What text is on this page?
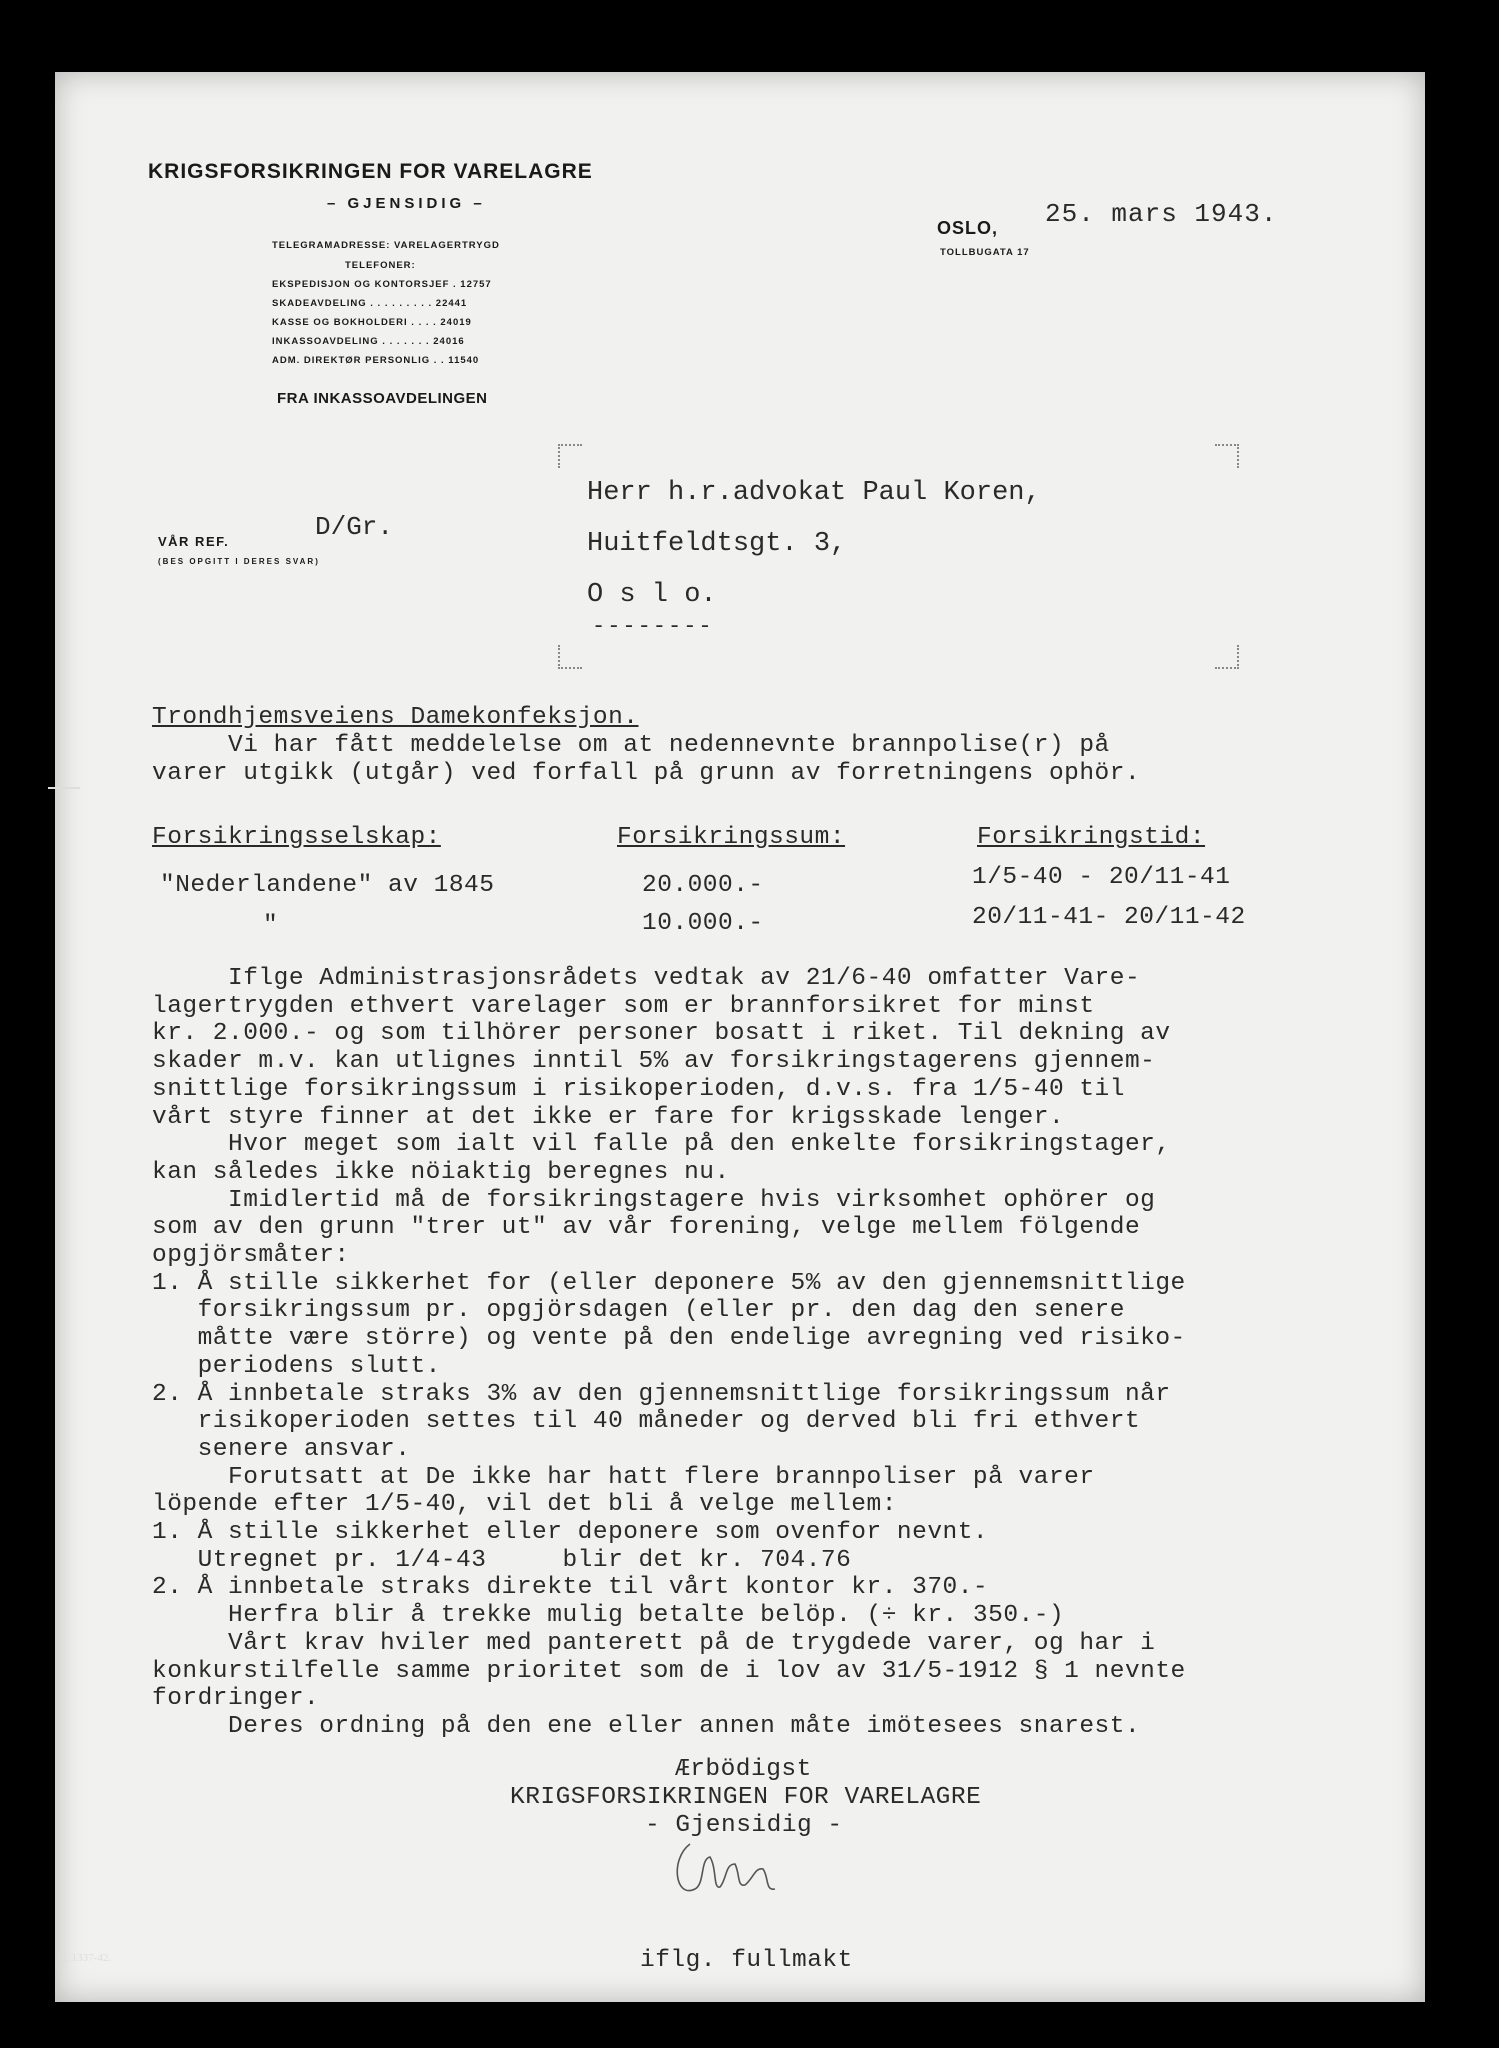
KRIGSFORSIKRINGEN FOR VARELAGRE
– GJENSIDIG –
TELEGRAMADRESSE: VARELAGERTRYGD
TELEFONER:
EKSPEDISJON OG KONTORSJEF . 12757
SKADEAVDELING . . . . . . . . . 22441
KASSE OG BOKHOLDERI . . . . 24019
INKASSOAVDELING . . . . . . . 24016
ADM. DIREKTØR PERSONLIG . . 11540
FRA INKASSOAVDELINGEN
OSLO,
TOLLBUGATA 17
25. mars 1943.
VÅR REF.
(BES OPGITT I DERES SVAR)
D/Gr.
Herr h.r.advokat Paul Koren,
Huitfeldtsgt. 3,
O s l o.
--------
Trondhjemsveiens Damekonfeksjon.
Vi har fått meddelelse om at nedennevnte brannpolise(r) på
varer utgikk (utgår) ved forfall på grunn av forretningens ophör.
Forsikringsselskap:	Forsikringssum:	Forsikringstid:
"Nederlandene" av 1845	20.000.-	1/5-40 - 20/11-41
"	10.000.-	20/11-41- 20/11-42
Iflge Administrasjonsrådets vedtak av 21/6-40 omfatter Vare-
lagertrygden ethvert varelager som er brannforsikret for minst
kr. 2.000.- og som tilhörer personer bosatt i riket. Til dekning av
skader m.v. kan utlignes inntil 5% av forsikringstagerens gjennem-
snittlige forsikringssum i risikoperioden, d.v.s. fra 1/5-40 til
vårt styre finner at det ikke er fare for krigsskade lenger.
Hvor meget som ialt vil falle på den enkelte forsikringstager,
kan således ikke nöiaktig beregnes nu.
Imidlertid må de forsikringstagere hvis virksomhet ophörer og
som av den grunn "trer ut" av vår forening, velge mellem fölgende
opgjörsmåter:
1. Å stille sikkerhet for (eller deponere 5% av den gjennemsnittlige
forsikringssum pr. opgjörsdagen (eller pr. den dag den senere
måtte være större) og vente på den endelige avregning ved risiko-
periodens slutt.
2. Å innbetale straks 3% av den gjennemsnittlige forsikringssum når
risikoperioden settes til 40 måneder og derved bli fri ethvert
senere ansvar.
Forutsatt at De ikke har hatt flere brannpoliser på varer
löpende efter 1/5-40, vil det bli å velge mellem:
1. Å stille sikkerhet eller deponere som ovenfor nevnt.
Utregnet pr. 1/4-43     blir det kr. 704.76
2. Å innbetale straks direkte til vårt kontor kr. 370.-
Herfra blir å trekke mulig betalte belöp. (÷ kr. 350.-)
Vårt krav hviler med panterett på de trygdede varer, og har i
konkurstilfelle samme prioritet som de i lov av 31/5-1912 § 1 nevnte
fordringer.
Deres ordning på den ene eller annen måte imötesees snarest.
Ærbödigst
KRIGSFORSIKRINGEN FOR VARELAGRE
- Gjensidig -
iflg. fullmakt
St. 1337-42.
